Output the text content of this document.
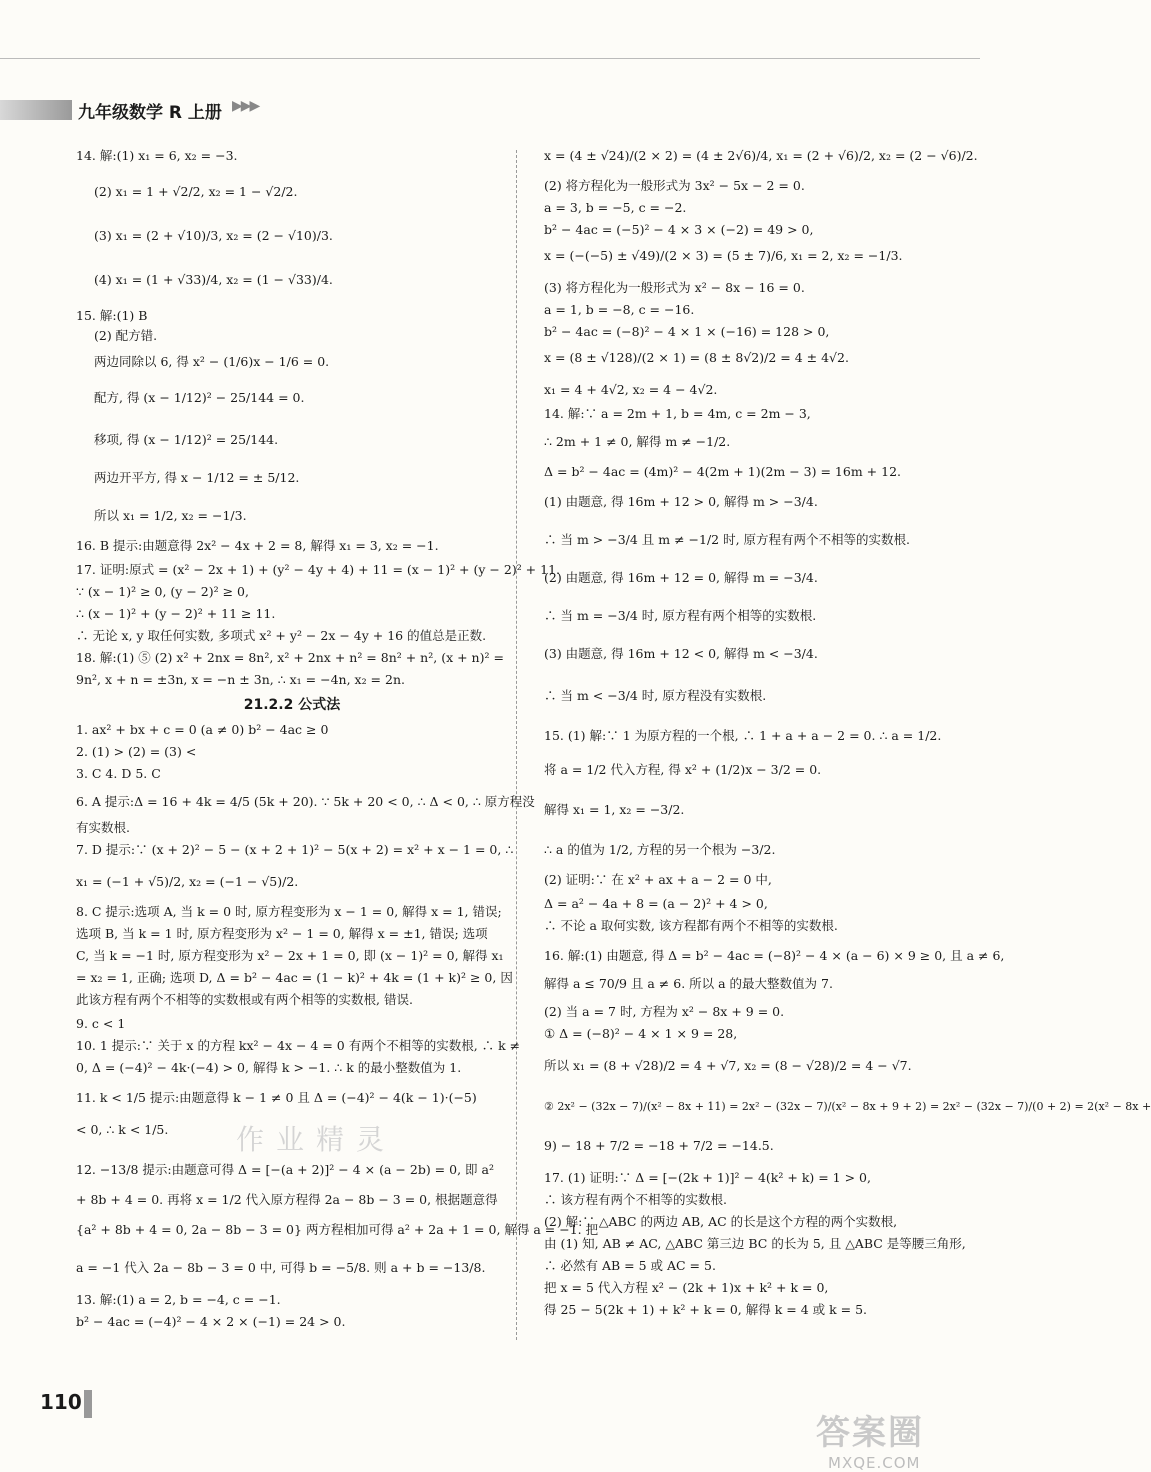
九年级数学 R 上册 ▶▶▶
14. 解:(1) x₁ = 6, x₂ = −3.
(2) x₁ = 1 + √2/2, x₂ = 1 − √2/2.
(3) x₁ = (2 + √10)/3, x₂ = (2 − √10)/3.
(4) x₁ = (1 + √33)/4, x₂ = (1 − √33)/4.
15. 解:(1) B
(2) 配方错.
两边同除以 6, 得 x² − (1/6)x − 1/6 = 0.
配方, 得 (x − 1/12)² − 25/144 = 0.
移项, 得 (x − 1/12)² = 25/144.
两边开平方, 得 x − 1/12 = ± 5/12.
所以 x₁ = 1/2, x₂ = −1/3.
16. B 提示:由题意得 2x² − 4x + 2 = 8, 解得 x₁ = 3, x₂ = −1.
17. 证明:原式 = (x² − 2x + 1) + (y² − 4y + 4) + 11 = (x − 1)² + (y − 2)² + 11.
∵ (x − 1)² ≥ 0, (y − 2)² ≥ 0,
∴ (x − 1)² + (y − 2)² + 11 ≥ 11.
∴ 无论 x, y 取任何实数, 多项式 x² + y² − 2x − 4y + 16 的值总是正数.
18. 解:(1) ⑤ (2) x² + 2nx = 8n², x² + 2nx + n² = 8n² + n², (x + n)² =
9n², x + n = ±3n, x = −n ± 3n, ∴ x₁ = −4n, x₂ = 2n.
21.2.2 公式法
1. ax² + bx + c = 0 (a ≠ 0) b² − 4ac ≥ 0
2. (1) > (2) = (3) <
3. C 4. D 5. C
6. A 提示:Δ = 16 + 4k = 4/5 (5k + 20). ∵ 5k + 20 < 0, ∴ Δ < 0, ∴ 原方程没
有实数根.
7. D 提示:∵ (x + 2)² − 5 − (x + 2 + 1)² − 5(x + 2) = x² + x − 1 = 0, ∴
x₁ = (−1 + √5)/2, x₂ = (−1 − √5)/2.
8. C 提示:选项 A, 当 k = 0 时, 原方程变形为 x − 1 = 0, 解得 x = 1, 错误;
选项 B, 当 k = 1 时, 原方程变形为 x² − 1 = 0, 解得 x = ±1, 错误; 选项
C, 当 k = −1 时, 原方程变形为 x² − 2x + 1 = 0, 即 (x − 1)² = 0, 解得 x₁
= x₂ = 1, 正确; 选项 D, Δ = b² − 4ac = (1 − k)² + 4k = (1 + k)² ≥ 0, 因
此该方程有两个不相等的实数根或有两个相等的实数根, 错误.
9. c < 1
10. 1 提示:∵ 关于 x 的方程 kx² − 4x − 4 = 0 有两个不相等的实数根, ∴ k ≠
0, Δ = (−4)² − 4k·(−4) > 0, 解得 k > −1. ∴ k 的最小整数值为 1.
11. k < 1/5 提示:由题意得 k − 1 ≠ 0 且 Δ = (−4)² − 4(k − 1)·(−5)
< 0, ∴ k < 1/5.
12. −13/8 提示:由题意可得 Δ = [−(a + 2)]² − 4 × (a − 2b) = 0, 即 a²
+ 8b + 4 = 0. 再将 x = 1/2 代入原方程得 2a − 8b − 3 = 0, 根据题意得
{a² + 8b + 4 = 0, 2a − 8b − 3 = 0} 两方程相加可得 a² + 2a + 1 = 0, 解得 a = −1. 把
a = −1 代入 2a − 8b − 3 = 0 中, 可得 b = −5/8. 则 a + b = −13/8.
13. 解:(1) a = 2, b = −4, c = −1.
b² − 4ac = (−4)² − 4 × 2 × (−1) = 24 > 0.
x = (4 ± √24)/(2 × 2) = (4 ± 2√6)/4, x₁ = (2 + √6)/2, x₂ = (2 − √6)/2.
(2) 将方程化为一般形式为 3x² − 5x − 2 = 0.
a = 3, b = −5, c = −2.
b² − 4ac = (−5)² − 4 × 3 × (−2) = 49 > 0,
x = (−(−5) ± √49)/(2 × 3) = (5 ± 7)/6, x₁ = 2, x₂ = −1/3.
(3) 将方程化为一般形式为 x² − 8x − 16 = 0.
a = 1, b = −8, c = −16.
b² − 4ac = (−8)² − 4 × 1 × (−16) = 128 > 0,
x = (8 ± √128)/(2 × 1) = (8 ± 8√2)/2 = 4 ± 4√2.
x₁ = 4 + 4√2, x₂ = 4 − 4√2.
14. 解:∵ a = 2m + 1, b = 4m, c = 2m − 3,
∴ 2m + 1 ≠ 0, 解得 m ≠ −1/2.
Δ = b² − 4ac = (4m)² − 4(2m + 1)(2m − 3) = 16m + 12.
(1) 由题意, 得 16m + 12 > 0, 解得 m > −3/4.
∴ 当 m > −3/4 且 m ≠ −1/2 时, 原方程有两个不相等的实数根.
(2) 由题意, 得 16m + 12 = 0, 解得 m = −3/4.
∴ 当 m = −3/4 时, 原方程有两个相等的实数根.
(3) 由题意, 得 16m + 12 < 0, 解得 m < −3/4.
∴ 当 m < −3/4 时, 原方程没有实数根.
15. (1) 解:∵ 1 为原方程的一个根, ∴ 1 + a + a − 2 = 0. ∴ a = 1/2.
将 a = 1/2 代入方程, 得 x² + (1/2)x − 3/2 = 0.
解得 x₁ = 1, x₂ = −3/2.
∴ a 的值为 1/2, 方程的另一个根为 −3/2.
(2) 证明:∵ 在 x² + ax + a − 2 = 0 中,
Δ = a² − 4a + 8 = (a − 2)² + 4 > 0,
∴ 不论 a 取何实数, 该方程都有两个不相等的实数根.
16. 解:(1) 由题意, 得 Δ = b² − 4ac = (−8)² − 4 × (a − 6) × 9 ≥ 0, 且 a ≠ 6,
解得 a ≤ 70/9 且 a ≠ 6. 所以 a 的最大整数值为 7.
(2) 当 a = 7 时, 方程为 x² − 8x + 9 = 0.
① Δ = (−8)² − 4 × 1 × 9 = 28,
所以 x₁ = (8 + √28)/2 = 4 + √7, x₂ = (8 − √28)/2 = 4 − √7.
② 2x² − (32x − 7)/(x² − 8x + 11) = 2x² − (32x − 7)/(x² − 8x + 9 + 2) = 2x² − (32x − 7)/(0 + 2) = 2(x² − 8x +
9) − 18 + 7/2 = −18 + 7/2 = −14.5.
17. (1) 证明:∵ Δ = [−(2k + 1)]² − 4(k² + k) = 1 > 0,
∴ 该方程有两个不相等的实数根.
(2) 解:∵ △ABC 的两边 AB, AC 的长是这个方程的两个实数根,
由 (1) 知, AB ≠ AC, △ABC 第三边 BC 的长为 5, 且 △ABC 是等腰三角形,
∴ 必然有 AB = 5 或 AC = 5.
把 x = 5 代入方程 x² − (2k + 1)x + k² + k = 0,
得 25 − 5(2k + 1) + k² + k = 0, 解得 k = 4 或 k = 5.
作业精灵
110
答案圈
MXQE.COM
